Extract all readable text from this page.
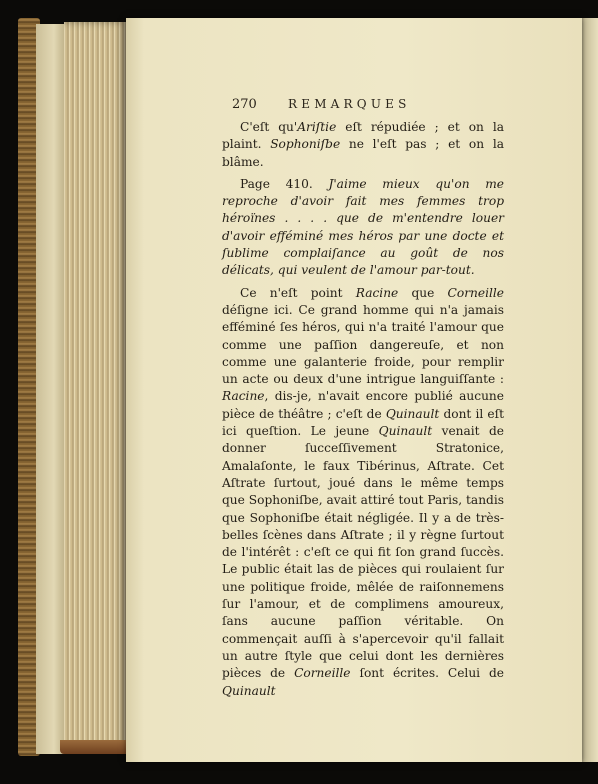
270	REMARQUES

C'eſt qu'Ariſtie eſt répudiée ; et on la plaint. Sophoniſbe ne l'eſt pas ; et on la blâme.

Page 410. J'aime mieux qu'on me reproche d'avoir fait mes femmes trop héroïnes . . . . que de m'entendre louer d'avoir efféminé mes héros par une docte et ſublime complaiſance au goût de nos délicats, qui veulent de l'amour par-tout.

Ce n'eſt point Racine que Corneille déſigne ici. Ce grand homme qui n'a jamais efféminé ſes héros, qui n'a traité l'amour que comme une paſſion dangereuſe, et non comme une galanterie froide, pour remplir un acte ou deux d'une intrigue languiſſante : Racine, dis-je, n'avait encore publié aucune pièce de théâtre ; c'eſt de Quinault dont il eſt ici queſtion. Le jeune Quinault venait de donner ſucceſſivement Stratonice, Amalaſonte, le faux Tibérinus, Aſtrate. Cet Aſtrate ſurtout, joué dans le même temps que Sophoniſbe, avait attiré tout Paris, tandis que Sophoniſbe était négligée. Il y a de très-belles ſcènes dans Aſtrate ; il y règne ſurtout de l'intérêt : c'eſt ce qui fit ſon grand ſuccès. Le public était las de pièces qui roulaient ſur une politique froide, mêlée de raiſonnemens ſur l'amour, et de complimens amoureux, ſans aucune paſſion véritable. On commençait auſſi à s'apercevoir qu'il fallait un autre ſtyle que celui dont les dernières pièces de Corneille ſont écrites. Celui de Quinault
